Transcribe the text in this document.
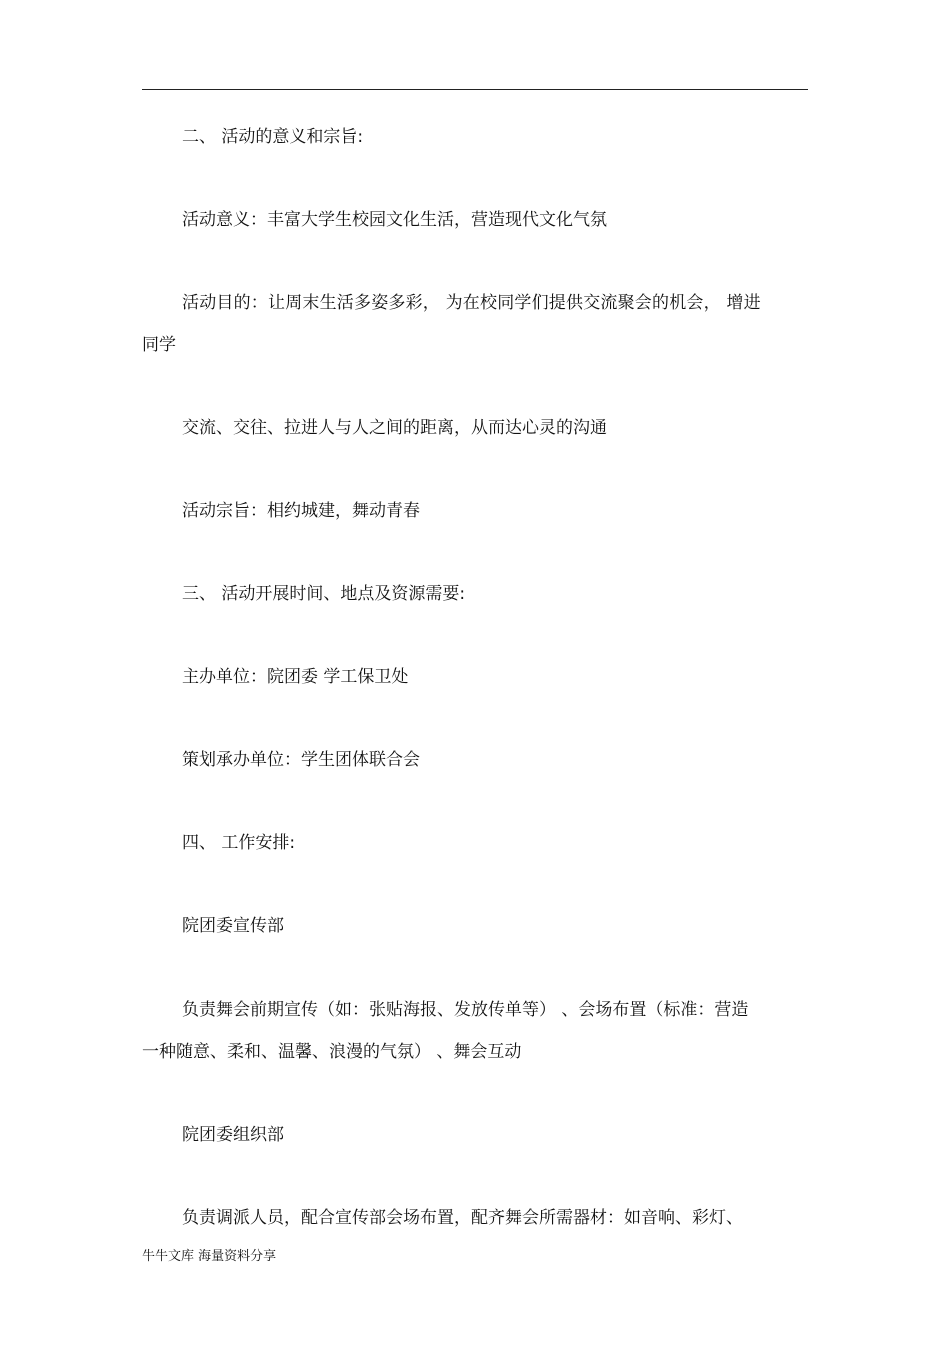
二、 活动的意义和宗旨:

活动意义：丰富大学生校园文化生活，营造现代文化气氛

活动目的：让周末生活多姿多彩， 为在校同学们提供交流聚会的机会， 增进

同学

交流、交往、拉进人与人之间的距离，从而达心灵的沟通

活动宗旨：相约城建，舞动青春

三、 活动开展时间、地点及资源需要:

主办单位：院团委 学工保卫处

策划承办单位：学生团体联合会

四、 工作安排:

院团委宣传部

负责舞会前期宣传（如：张贴海报、发放传单等） 、会场布置（标准：营造

一种随意、柔和、温馨、浪漫的气氛） 、舞会互动

院团委组织部

负责调派人员，配合宣传部会场布置，配齐舞会所需器材：如音响、彩灯、

牛牛文库 海量资料分享
